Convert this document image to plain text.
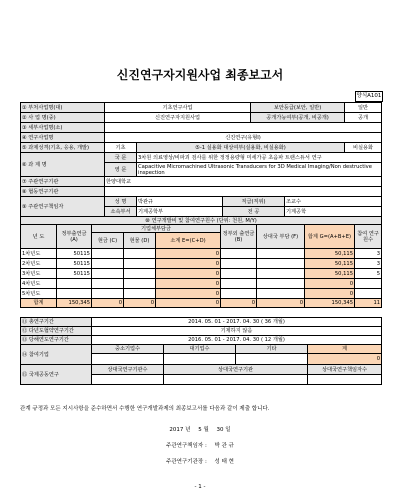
신진연구자지원사업 최종보고서
양식A101
① 부처사업명(대)	기초연구사업			보안등급(보안, 일반)		일반
② 사 업 명(중)	신진연구자지원사업			공개가능여부(공개, 비공개)		공개
③ 세부사업명(소)						
④ 연구사업명	신진연구(유형I)					
⑤ 과제성격(기초, 응용, 개발)	기초	⑤-1 실용화 대상여부(실용화, 비실용화)				비실용화
⑥ 과 제 명	국 문	3차원 의료영상/비파괴 검사를 위한 정정용량형 미세가공 초음파 트랜스듀서 연구				
	영 문	Capacitive Micromachined Ultrasonic Transducers for 3D Medical Imaging/Non destructive inspection				
⑦ 주관연구기관	한양대학교					
⑧ 협동연구기관						
⑨ 주관연구책임자	성 명	박관규	직급(직위)		조교수	
	소속부서	기계공학부	전 공		기계공학	
⑩ 연구개발비 및 참여연구원수 (단위: 천원, M/Y)								
년 도	정부출연금 (A)	기업체부담금			정부외 출연금 (B)	상대국 부담 (F)	합계 G=(A+B+E)	참여 연구원수
		현금 (C)	현물 (D)	소계 E=(C+D)				
1차년도	50115			0			50,115	3
2차년도	50115			0			50,115	3
3차년도	50115			0			50,115	5
4차년도				0			0	
5차년도				0			0	
합계	150,345	0	0	0	0	0	150,345	11
⑪ 총연구기간	2014. 05. 01 - 2017. 04. 30 ( 36 개월)			
⑫ 다년도협약연구기간	기제하지 않음			
⑬ 당해연도연구기간	2016. 05. 01 - 2017. 04. 30 ( 12 개월)			
⑭ 참여기업	중소기업수	대기업수	기타	계
				0
⑮ 국제공동연구	상대국연구기관수	상대국연구기관		상대국연구책임자수

관계 규정과 모든 지시사항을 준수하면서 수행한 연구개발과제의 최종보고서를 다음과 같이 제출 합니다.
2017 년 5 월 30 일
주관연구책임자 : 박 관 규
주관연구기관장 : 성 태 현
- 1 -
